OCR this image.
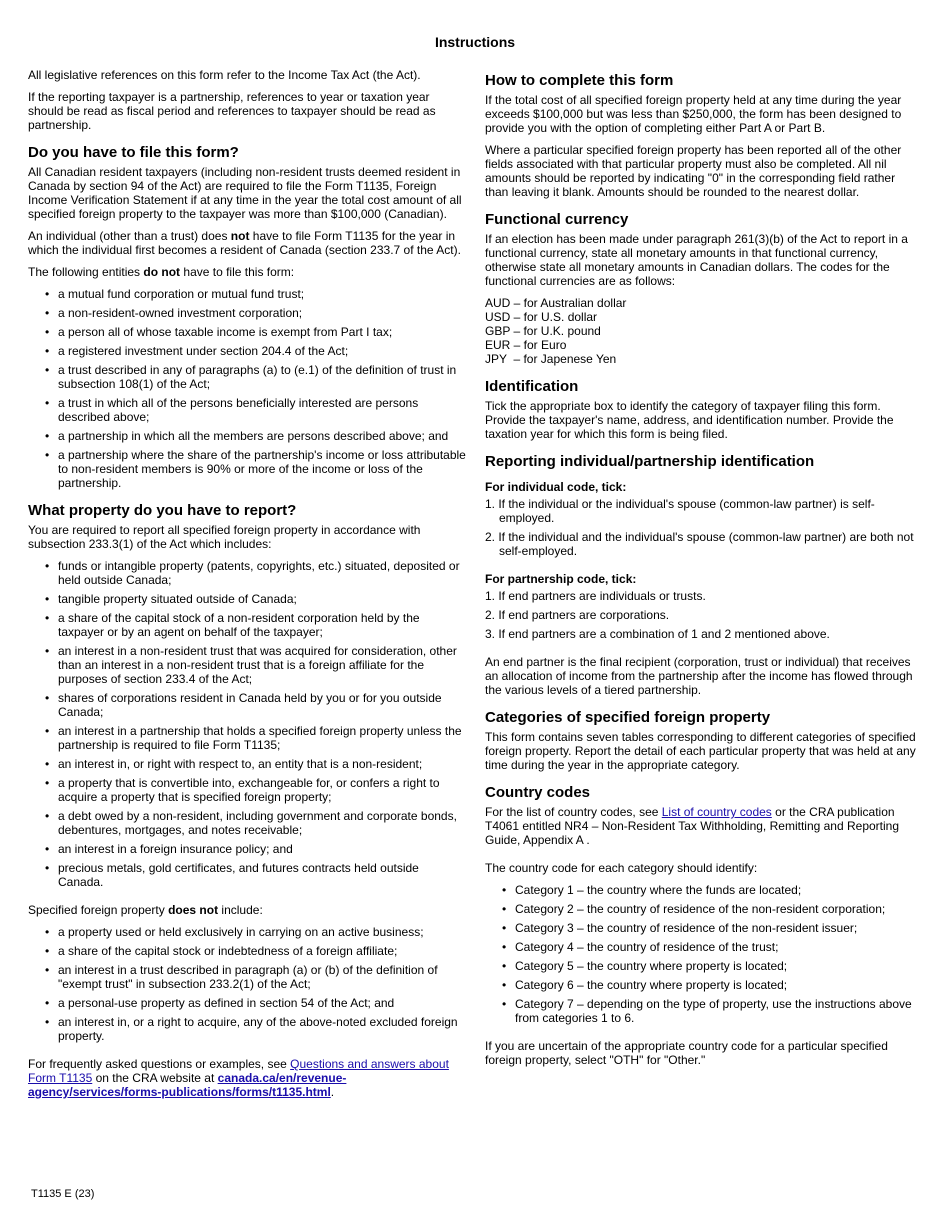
Instructions

All legislative references on this form refer to the Income Tax Act (the Act).

If the reporting taxpayer is a partnership, references to year or taxation year should be read as fiscal period and references to taxpayer should be read as partnership.

Do you have to file this form?

All Canadian resident taxpayers (including non-resident trusts deemed resident in Canada by section 94 of the Act) are required to file the Form T1135, Foreign Income Verification Statement if at any time in the year the total cost amount of all specified foreign property to the taxpayer was more than $100,000 (Canadian).

An individual (other than a trust) does not have to file Form T1135 for the year in which the individual first becomes a resident of Canada (section 233.7 of the Act).

The following entities do not have to file this form:

• a mutual fund corporation or mutual fund trust;
• a non-resident-owned investment corporation;
• a person all of whose taxable income is exempt from Part I tax;
• a registered investment under section 204.4 of the Act;
• a trust described in any of paragraphs (a) to (e.1) of the definition of trust in subsection 108(1) of the Act;
• a trust in which all of the persons beneficially interested are persons described above;
• a partnership in which all the members are persons described above; and
• a partnership where the share of the partnership's income or loss attributable to non-resident members is 90% or more of the income or loss of the partnership.
What property do you have to report?

You are required to report all specified foreign property in accordance with subsection 233.3(1) of the Act which includes:

• funds or intangible property (patents, copyrights, etc.) situated, deposited or held outside Canada;
• tangible property situated outside of Canada;
• a share of the capital stock of a non-resident corporation held by the taxpayer or by an agent on behalf of the taxpayer;
• an interest in a non-resident trust that was acquired for consideration, other than an interest in a non-resident trust that is a foreign affiliate for the purposes of section 233.4 of the Act;
• shares of corporations resident in Canada held by you or for you outside Canada;
• an interest in a partnership that holds a specified foreign property unless the partnership is required to file Form T1135;
• an interest in, or right with respect to, an entity that is a non-resident;
• a property that is convertible into, exchangeable for, or confers a right to acquire a property that is specified foreign property;
• a debt owed by a non-resident, including government and corporate bonds, debentures, mortgages, and notes receivable;
• an interest in a foreign insurance policy; and
• precious metals, gold certificates, and futures contracts held outside Canada.

Specified foreign property does not include:

• a property used or held exclusively in carrying on an active business;
• a share of the capital stock or indebtedness of a foreign affiliate;
• an interest in a trust described in paragraph (a) or (b) of the definition of "exempt trust" in subsection 233.2(1) of the Act;
• a personal-use property as defined in section 54 of the Act; and
• an interest in, or a right to acquire, any of the above-noted excluded foreign property.

For frequently asked questions or examples, see Questions and answers about Form T1135 on the CRA website at canada.ca/en/revenue-agency/services/forms-publications/forms/t1135.html.

How to complete this form

If the total cost of all specified foreign property held at any time during the year exceeds $100,000 but was less than $250,000, the form has been designed to provide you with the option of completing either Part A or Part B.

Where a particular specified foreign property has been reported all of the other fields associated with that particular property must also be completed. All nil amounts should be reported by indicating "0" in the corresponding field rather than leaving it blank. Amounts should be rounded to the nearest dollar.

Functional currency

If an election has been made under paragraph 261(3)(b) of the Act to report in a functional currency, state all monetary amounts in that functional currency, otherwise state all monetary amounts in Canadian dollars. The codes for the functional currencies are as follows:

AUD – for Australian dollar
USD – for U.S. dollar
GBP – for U.K. pound
EUR – for Euro
JPY  – for Japenese Yen
Identification

Tick the appropriate box to identify the category of taxpayer filing this form. Provide the taxpayer's name, address, and identification number. Provide the taxation year for which this form is being filed.

Reporting individual/partnership identification
For individual code, tick:
1. If the individual or the individual's spouse (common-law partner) is self-employed.
2. If the individual and the individual's spouse (common-law partner) are both not self-employed.
For partnership code, tick:
1. If end partners are individuals or trusts.
2. If end partners are corporations.
3. If end partners are a combination of 1 and 2 mentioned above.

An end partner is the final recipient (corporation, trust or individual) that receives an allocation of income from the partnership after the income has flowed through the various levels of a tiered partnership.

Categories of specified foreign property

This form contains seven tables corresponding to different categories of specified foreign property. Report the detail of each particular property that was held at any time during the year in the appropriate category.

Country codes

For the list of country codes, see List of country codes or the CRA publication T4061 entitled NR4 – Non-Resident Tax Withholding, Remitting and Reporting Guide, Appendix A .

The country code for each category should identify:

• Category 1 – the country where the funds are located;
• Category 2 – the country of residence of the non-resident corporation;
• Category 3 – the country of residence of the non-resident issuer;
• Category 4 – the country of residence of the trust;
• Category 5 – the country where property is located;
• Category 6 – the country where property is located;
• Category 7 – depending on the type of property, use the instructions above from categories 1 to 6.

If you are uncertain of the appropriate country code for a particular specified foreign property, select "OTH" for "Other."

T1135 E (23)
